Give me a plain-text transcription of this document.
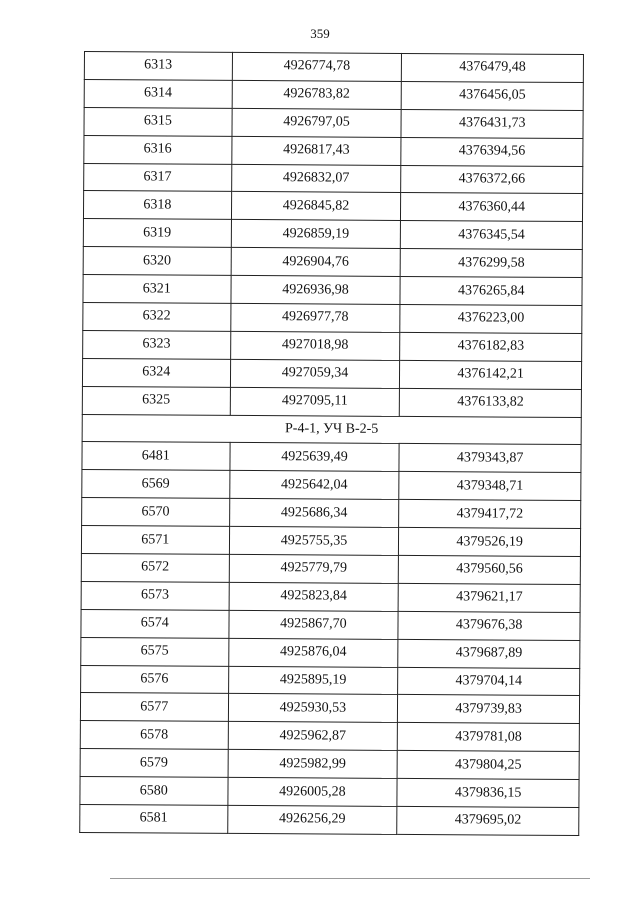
359
6313	4926774,78	4376479,48
6314	4926783,82	4376456,05
6315	4926797,05	4376431,73
6316	4926817,43	4376394,56
6317	4926832,07	4376372,66
6318	4926845,82	4376360,44
6319	4926859,19	4376345,54
6320	4926904,76	4376299,58
6321	4926936,98	4376265,84
6322	4926977,78	4376223,00
6323	4927018,98	4376182,83
6324	4927059,34	4376142,21
6325	4927095,11	4376133,82
Р-4-1, УЧ В-2-5		
6481	4925639,49	4379343,87
6569	4925642,04	4379348,71
6570	4925686,34	4379417,72
6571	4925755,35	4379526,19
6572	4925779,79	4379560,56
6573	4925823,84	4379621,17
6574	4925867,70	4379676,38
6575	4925876,04	4379687,89
6576	4925895,19	4379704,14
6577	4925930,53	4379739,83
6578	4925962,87	4379781,08
6579	4925982,99	4379804,25
6580	4926005,28	4379836,15
6581	4926256,29	4379695,02
